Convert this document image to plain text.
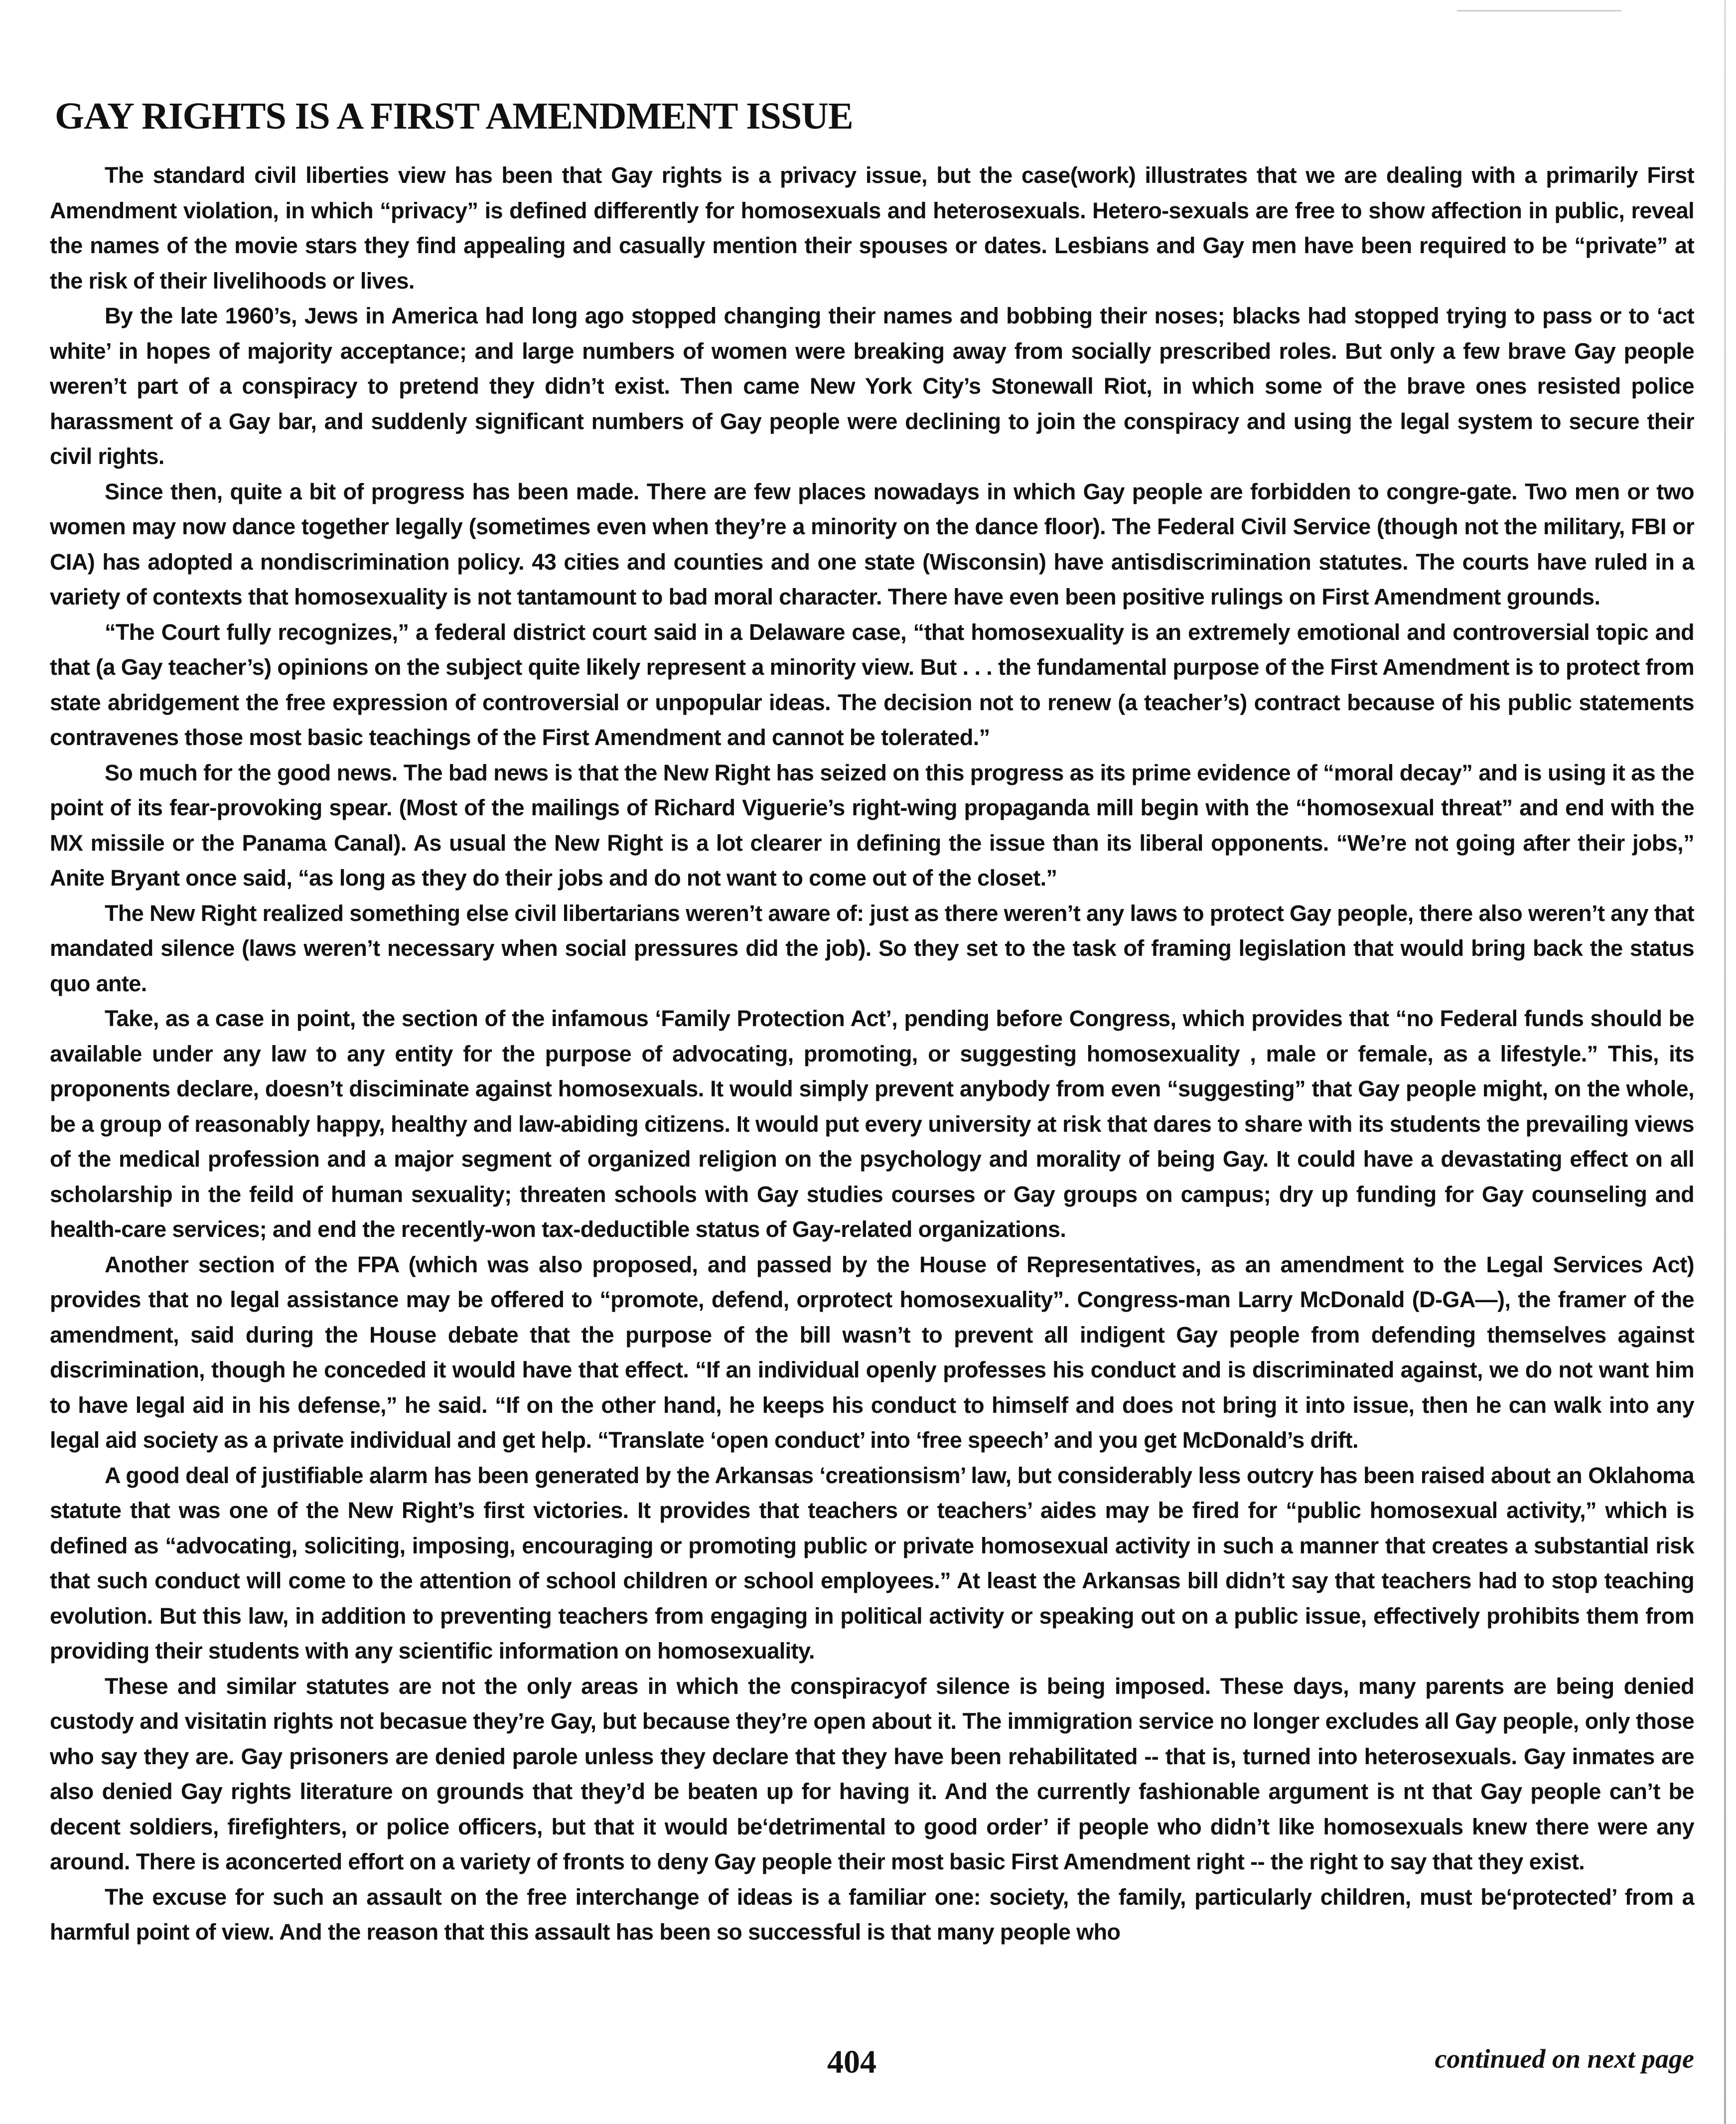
GAY RIGHTS IS A FIRST AMENDMENT ISSUE

The standard civil liberties view has been that Gay rights is a privacy issue, but the case(work) illustrates that we are dealing with a primarily First Amendment violation, in which “privacy” is defined differently for homosexuals and heterosexuals. Hetero-sexuals are free to show affection in public, reveal the names of the movie stars they find appealing and casually mention their spouses or dates. Lesbians and Gay men have been required to be “private” at the risk of their livelihoods or lives.

By the late 1960’s, Jews in America had long ago stopped changing their names and bobbing their noses; blacks had stopped trying to pass or to ‘act white’ in hopes of majority acceptance; and large numbers of women were breaking away from socially prescribed roles. But only a few brave Gay people weren’t part of a conspiracy to pretend they didn’t exist. Then came New York City’s Stonewall Riot, in which some of the brave ones resisted police harassment of a Gay bar, and suddenly significant numbers of Gay people were declining to join the conspiracy and using the legal system to secure their civil rights.

Since then, quite a bit of progress has been made. There are few places nowadays in which Gay people are forbidden to congre-gate. Two men or two women may now dance together legally (sometimes even when they’re a minority on the dance floor). The Federal Civil Service (though not the military, FBI or CIA) has adopted a nondiscrimination policy. 43 cities and counties and one state (Wisconsin) have antisdiscrimination statutes. The courts have ruled in a variety of contexts that homosexuality is not tantamount to bad moral character. There have even been positive rulings on First Amendment grounds.

“The Court fully recognizes,” a federal district court said in a Delaware case, “that homosexuality is an extremely emotional and controversial topic and that (a Gay teacher’s) opinions on the subject quite likely represent a minority view. But . . . the fundamental purpose of the First Amendment is to protect from state abridgement the free expression of controversial or unpopular ideas. The decision not to renew (a teacher’s) contract because of his public statements contravenes those most basic teachings of the First Amendment and cannot be tolerated.”

So much for the good news. The bad news is that the New Right has seized on this progress as its prime evidence of “moral decay” and is using it as the point of its fear-provoking spear. (Most of the mailings of Richard Viguerie’s right-wing propaganda mill begin with the “homosexual threat” and end with the MX missile or the Panama Canal). As usual the New Right is a lot clearer in defining the issue than its liberal opponents. “We’re not going after their jobs,” Anite Bryant once said, “as long as they do their jobs and do not want to come out of the closet.”

The New Right realized something else civil libertarians weren’t aware of: just as there weren’t any laws to protect Gay people, there also weren’t any that mandated silence (laws weren’t necessary when social pressures did the job). So they set to the task of framing legislation that would bring back the status quo ante.

Take, as a case in point, the section of the infamous ‘Family Protection Act’, pending before Congress, which provides that “no Federal funds should be available under any law to any entity for the purpose of advocating, promoting, or suggesting homosexuality , male or female, as a lifestyle.” This, its proponents declare, doesn’t disciminate against homosexuals. It would simply prevent anybody from even “suggesting” that Gay people might, on the whole, be a group of reasonably happy, healthy and law-abiding citizens. It would put every university at risk that dares to share with its students the prevailing views of the medical profession and a major segment of organized religion on the psychology and morality of being Gay. It could have a devastating effect on all scholarship in the feild of human sexuality; threaten schools with Gay studies courses or Gay groups on campus; dry up funding for Gay counseling and health-care services; and end the recently-won tax-deductible status of Gay-related organizations.

Another section of the FPA (which was also proposed, and passed by the House of Representatives, as an amendment to the Legal Services Act) provides that no legal assistance may be offered to “promote, defend, orprotect homosexuality”. Congress-man Larry McDonald (D-GA—), the framer of the amendment, said during the House debate that the purpose of the bill wasn’t to prevent all indigent Gay people from defending themselves against discrimination, though he conceded it would have that effect. “If an individual openly professes his conduct and is discriminated against, we do not want him to have legal aid in his defense,” he said. “If on the other hand, he keeps his conduct to himself and does not bring it into issue, then he can walk into any legal aid society as a private individual and get help. “Translate ‘open conduct’ into ‘free speech’ and you get McDonald’s drift.

A good deal of justifiable alarm has been generated by the Arkansas ‘creationsism’ law, but considerably less outcry has been raised about an Oklahoma statute that was one of the New Right’s first victories. It provides that teachers or teachers’ aides may be fired for “public homosexual activity,” which is defined as “advocating, soliciting, imposing, encouraging or promoting public or private homosexual activity in such a manner that creates a substantial risk that such conduct will come to the attention of school children or school employees.” At least the Arkansas bill didn’t say that teachers had to stop teaching evolution. But this law, in addition to preventing teachers from engaging in political activity or speaking out on a public issue, effectively prohibits them from providing their students with any scientific information on homosexuality.

These and similar statutes are not the only areas in which the conspiracyof silence is being imposed. These days, many parents are being denied custody and visitatin rights not becasue they’re Gay, but because they’re open about it. The immigration service no longer excludes all Gay people, only those who say they are. Gay prisoners are denied parole unless they declare that they have been rehabilitated -- that is, turned into heterosexuals. Gay inmates are also denied Gay rights literature on grounds that they’d be beaten up for having it. And the currently fashionable argument is nt that Gay people can’t be decent soldiers, firefighters, or police officers, but that it would be‘detrimental to good order’ if people who didn’t like homosexuals knew there were any around. There is aconcerted effort on a variety of fronts to deny Gay people their most basic First Amendment right -- the right to say that they exist.

The excuse for such an assault on the free interchange of ideas is a familiar one: society, the family, particularly children, must be‘protected’ from a harmful point of view. And the reason that this assault has been so successful is that many people who

404	continued on next page
